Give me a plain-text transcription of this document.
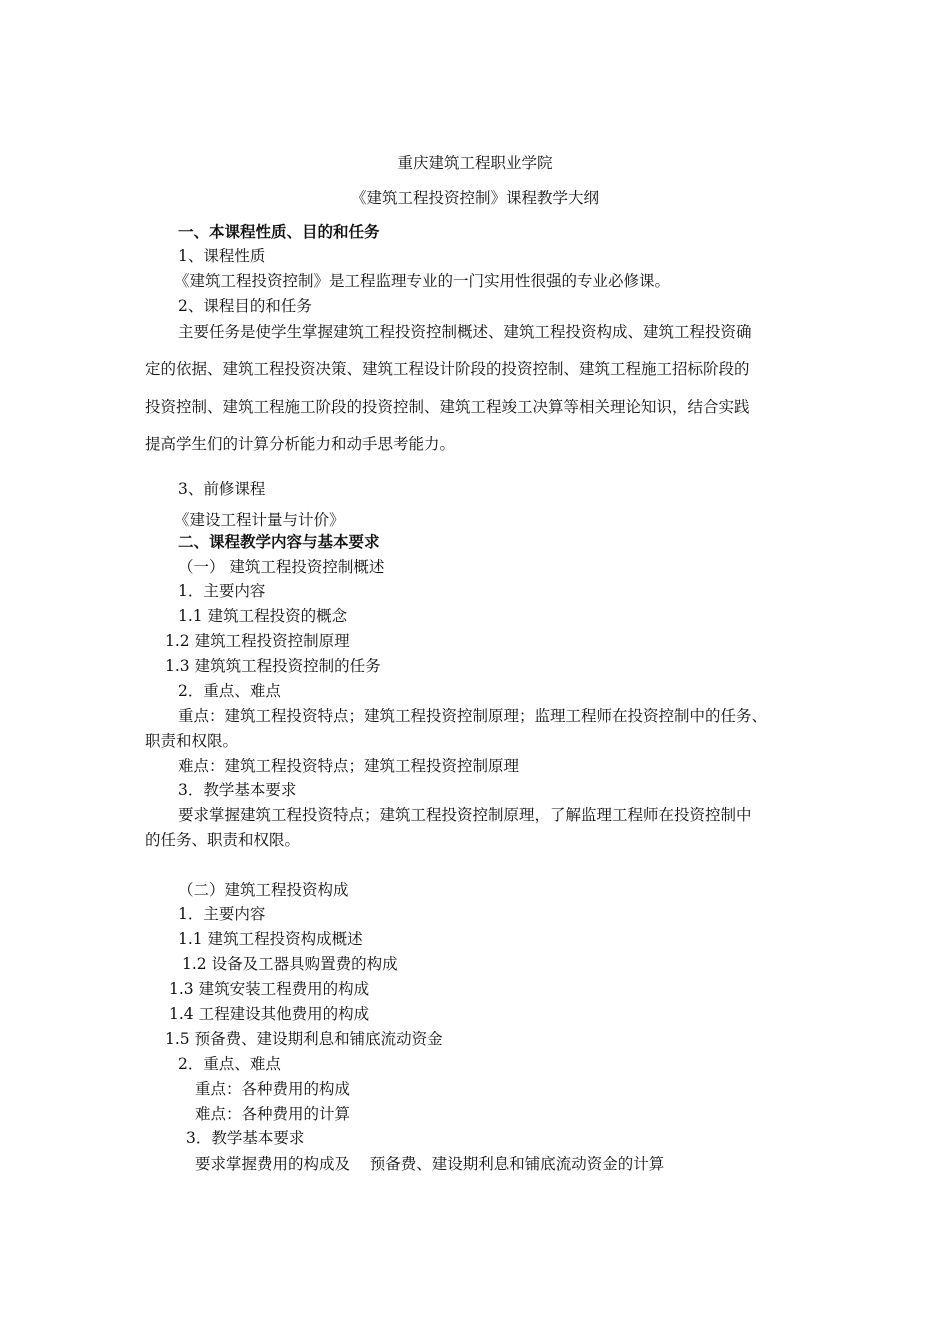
重庆建筑工程职业学院
《建筑工程投资控制》课程教学大纲
一、本课程性质、目的和任务
1、课程性质
《建筑工程投资控制》是工程监理专业的一门实用性很强的专业必修课。
2、课程目的和任务
主要任务是使学生掌握建筑工程投资控制概述、建筑工程投资构成、建筑工程投资确
定的依据、建筑工程投资决策、建筑工程设计阶段的投资控制、建筑工程施工招标阶段的
投资控制、建筑工程施工阶段的投资控制、建筑工程竣工决算等相关理论知识，结合实践
提高学生们的计算分析能力和动手思考能力。
3、前修课程
《建设工程计量与计价》
二、课程教学内容与基本要求
（一） 建筑工程投资控制概述
1．主要内容
1.1 建筑工程投资的概念
1.2 建筑工程投资控制原理
1.3 建筑筑工程投资控制的任务
2．重点、难点
重点：建筑工程投资特点；建筑工程投资控制原理；监理工程师在投资控制中的任务、
职责和权限。
难点：建筑工程投资特点；建筑工程投资控制原理
3．教学基本要求
要求掌握建筑工程投资特点；建筑工程投资控制原理，了解监理工程师在投资控制中
的任务、职责和权限。
（二）建筑工程投资构成
1．主要内容
1.1 建筑工程投资构成概述
1.2 设备及工器具购置费的构成
1.3 建筑安装工程费用的构成
1.4 工程建设其他费用的构成
1.5 预备费、建设期利息和铺底流动资金
2．重点、难点
重点：各种费用的构成
难点：各种费用的计算
3．教学基本要求
要求掌握费用的构成及    预备费、建设期利息和铺底流动资金的计算
